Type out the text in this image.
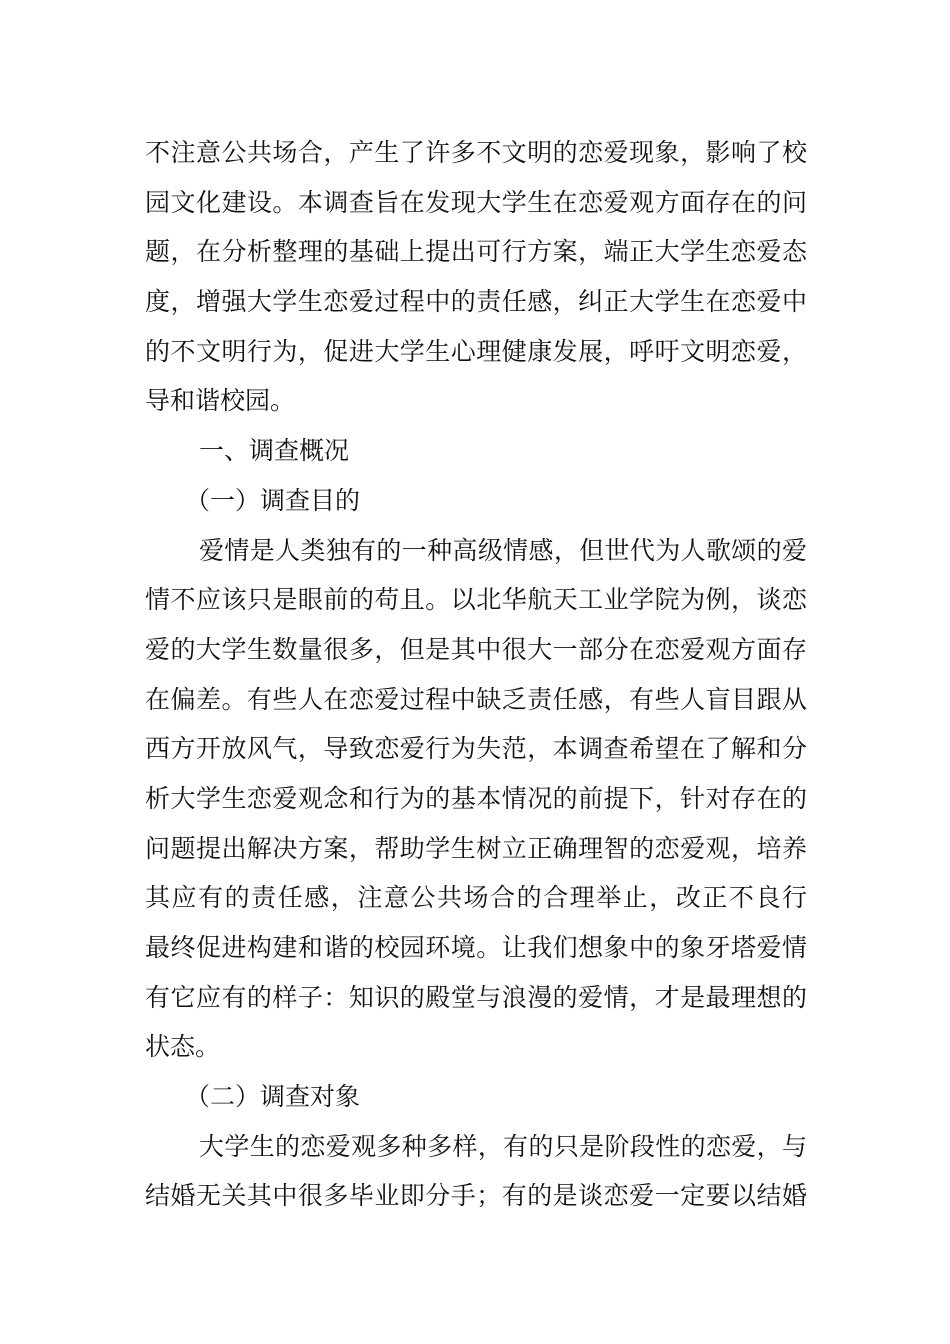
不注意公共场合，产生了许多不文明的恋爱现象，影响了校
园文化建设。本调查旨在发现大学生在恋爱观方面存在的问
题，在分析整理的基础上提出可行方案，端正大学生恋爱态
度，增强大学生恋爱过程中的责任感，纠正大学生在恋爱中
的不文明行为，促进大学生心理健康发展，呼吁文明恋爱，
导和谐校园。
一、调查概况
（一）调查目的
爱情是人类独有的一种高级情感，但世代为人歌颂的爱
情不应该只是眼前的苟且。以北华航天工业学院为例，谈恋
爱的大学生数量很多，但是其中很大一部分在恋爱观方面存
在偏差。有些人在恋爱过程中缺乏责任感，有些人盲目跟从
西方开放风气，导致恋爱行为失范，本调查希望在了解和分
析大学生恋爱观念和行为的基本情况的前提下，针对存在的
问题提出解决方案，帮助学生树立正确理智的恋爱观，培养
其应有的责任感，注意公共场合的合理举止，改正不良行
最终促进构建和谐的校园环境。让我们想象中的象牙塔爱情
有它应有的样子：知识的殿堂与浪漫的爱情，才是最理想的
状态。
（二）调查对象
大学生的恋爱观多种多样，有的只是阶段性的恋爱，与
结婚无关其中很多毕业即分手；有的是谈恋爱一定要以结婚
